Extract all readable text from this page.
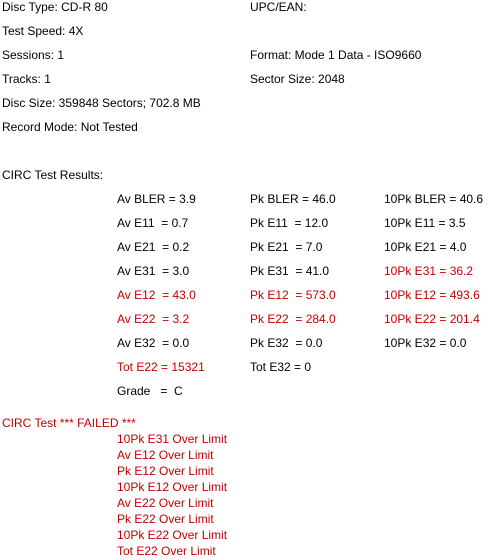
Disc Type: CD-R 80
Test Speed: 4X
Sessions: 1
Tracks: 1
Disc Size: 359848 Sectors; 702.8 MB
Record Mode: Not Tested
UPC/EAN:
Format: Mode 1 Data - ISO9660
Sector Size: 2048
CIRC Test Results:
Av BLER = 3.9	Pk BLER = 46.0	10Pk BLER = 40.6
Av E11  = 0.7	Pk E11  = 12.0	10Pk E11 = 3.5
Av E21  = 0.2	Pk E21  = 7.0	10Pk E21 = 4.0
Av E31  = 3.0	Pk E31  = 41.0	10Pk E31 = 36.2
Av E12  = 43.0	Pk E12  = 573.0	10Pk E12 = 493.6
Av E22  = 3.2	Pk E22  = 284.0	10Pk E22 = 201.4
Av E32  = 0.0	Pk E32  = 0.0	10Pk E32 = 0.0
Tot E22 = 15321	Tot E32 = 0
Grade   =  C
CIRC Test *** FAILED ***
10Pk E31 Over Limit
Av E12 Over Limit
Pk E12 Over Limit
10Pk E12 Over Limit
Av E22 Over Limit
Pk E22 Over Limit
10Pk E22 Over Limit
Tot E22 Over Limit
